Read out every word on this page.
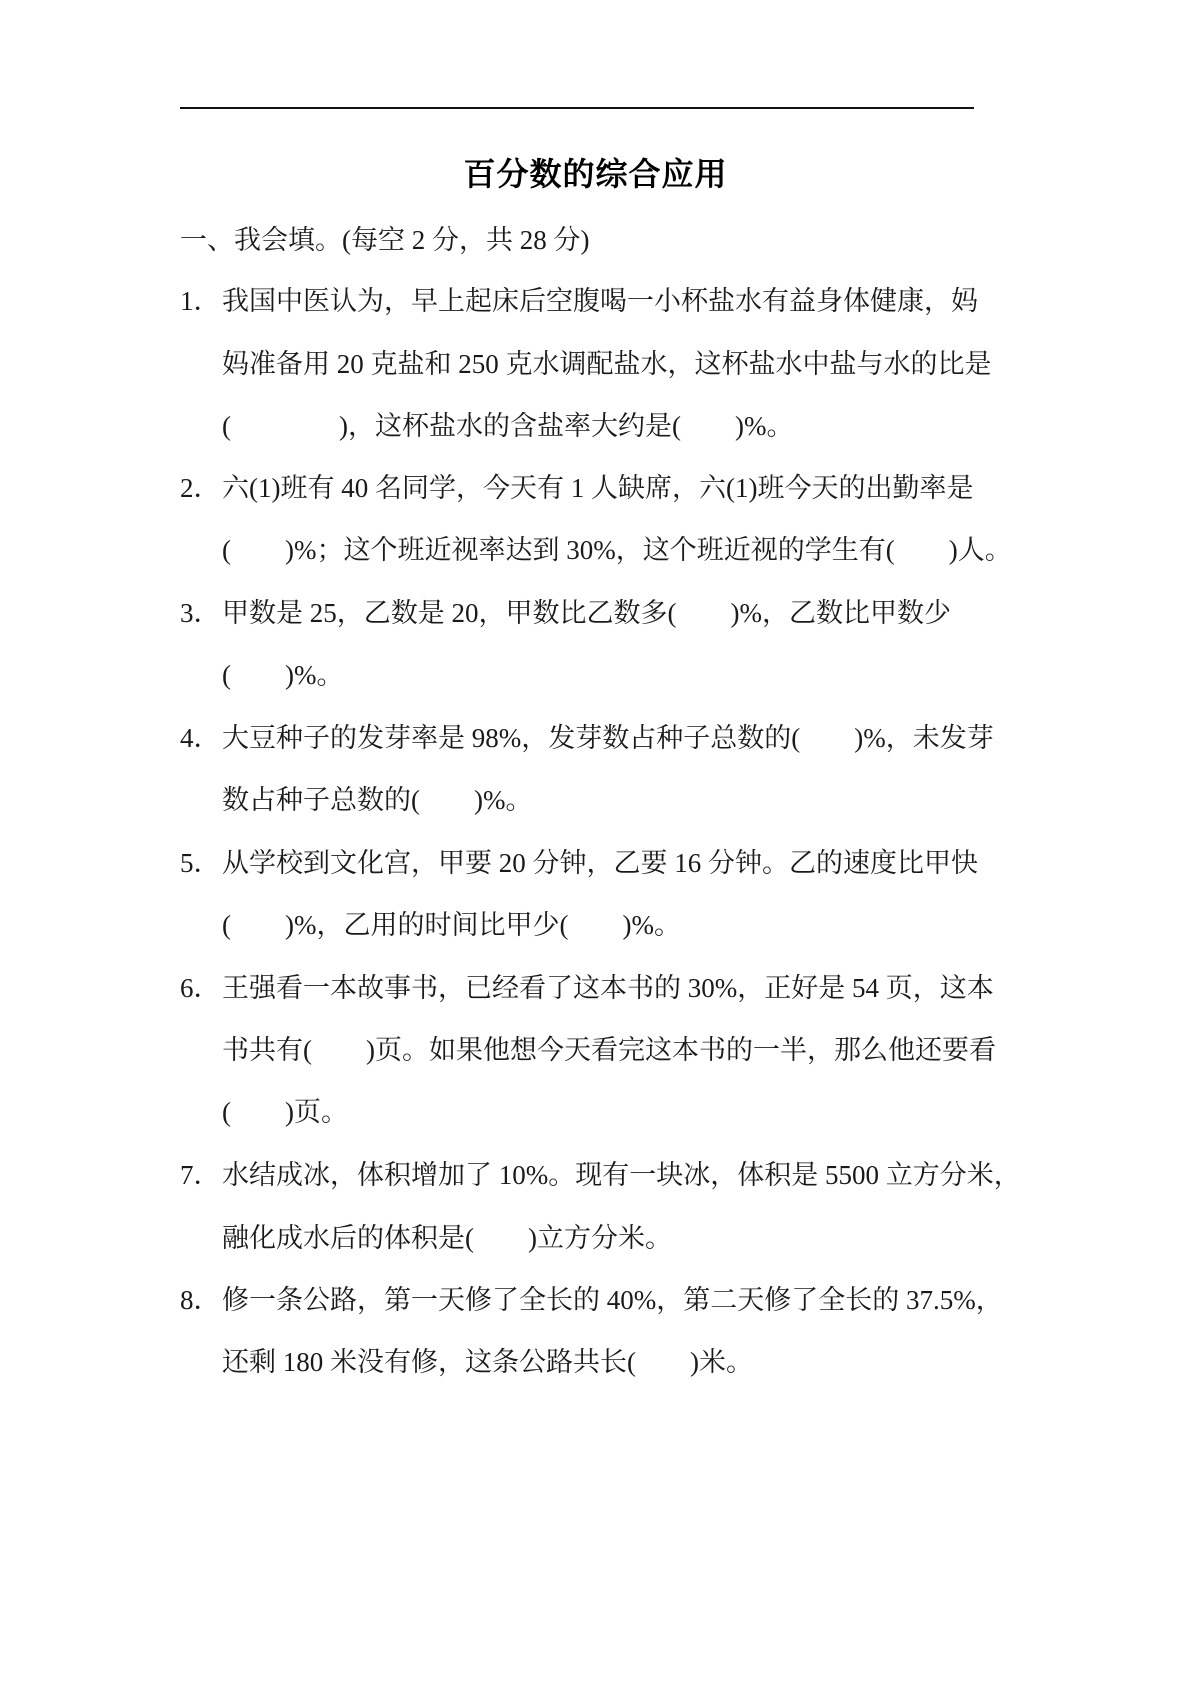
百分数的综合应用
一、我会填。(每空 2 分，共 28 分)
1．我国中医认为，早上起床后空腹喝一小杯盐水有益身体健康，妈
妈准备用 20 克盐和 250 克水调配盐水，这杯盐水中盐与水的比是
(　　　　)，这杯盐水的含盐率大约是(　　)%。
2．六(1)班有 40 名同学，今天有 1 人缺席，六(1)班今天的出勤率是
(　　)%；这个班近视率达到 30%，这个班近视的学生有(　　)人。
3．甲数是 25，乙数是 20，甲数比乙数多(　　)%，乙数比甲数少
(　　)%。
4．大豆种子的发芽率是 98%，发芽数占种子总数的(　　)%，未发芽
数占种子总数的(　　)%。
5．从学校到文化宫，甲要 20 分钟，乙要 16 分钟。乙的速度比甲快
(　　)%，乙用的时间比甲少(　　)%。
6．王强看一本故事书，已经看了这本书的 30%，正好是 54 页，这本
书共有(　　)页。如果他想今天看完这本书的一半，那么他还要看
(　　)页。
7．水结成冰，体积增加了 10%。现有一块冰，体积是 5500 立方分米，
融化成水后的体积是(　　)立方分米。
8．修一条公路，第一天修了全长的 40%，第二天修了全长的 37.5%，
还剩 180 米没有修，这条公路共长(　　)米。
